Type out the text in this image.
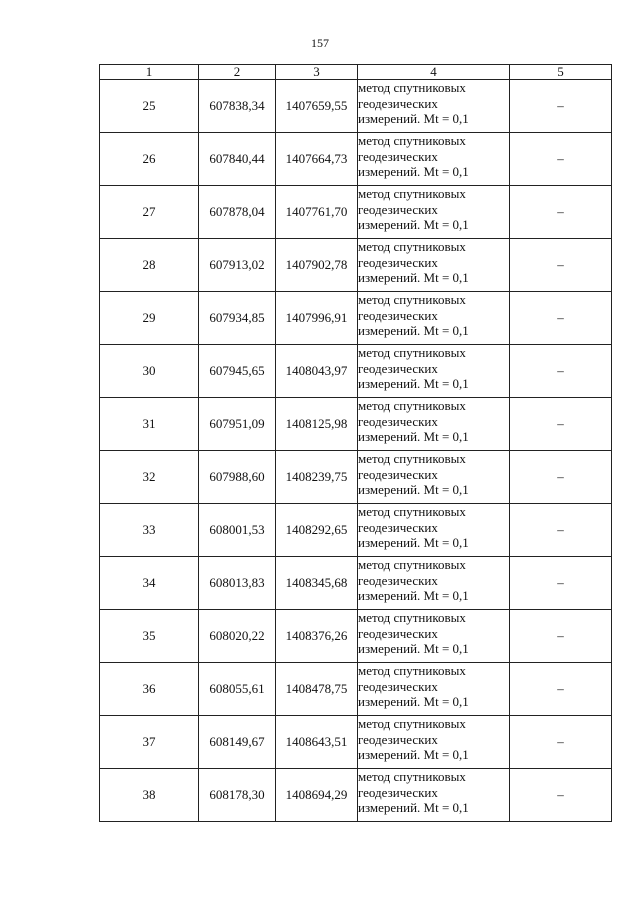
157
1	2	3	4	5
25	607838,34	1407659,55	метод спутниковых
геодезических
измерений. Mt = 0,1	–
26	607840,44	1407664,73	метод спутниковых
геодезических
измерений. Mt = 0,1	–
27	607878,04	1407761,70	метод спутниковых
геодезических
измерений. Mt = 0,1	–
28	607913,02	1407902,78	метод спутниковых
геодезических
измерений. Mt = 0,1	–
29	607934,85	1407996,91	метод спутниковых
геодезических
измерений. Mt = 0,1	–
30	607945,65	1408043,97	метод спутниковых
геодезических
измерений. Mt = 0,1	–
31	607951,09	1408125,98	метод спутниковых
геодезических
измерений. Mt = 0,1	–
32	607988,60	1408239,75	метод спутниковых
геодезических
измерений. Mt = 0,1	–
33	608001,53	1408292,65	метод спутниковых
геодезических
измерений. Mt = 0,1	–
34	608013,83	1408345,68	метод спутниковых
геодезических
измерений. Mt = 0,1	–
35	608020,22	1408376,26	метод спутниковых
геодезических
измерений. Mt = 0,1	–
36	608055,61	1408478,75	метод спутниковых
геодезических
измерений. Mt = 0,1	–
37	608149,67	1408643,51	метод спутниковых
геодезических
измерений. Mt = 0,1	–
38	608178,30	1408694,29	метод спутниковых
геодезических
измерений. Mt = 0,1	–
